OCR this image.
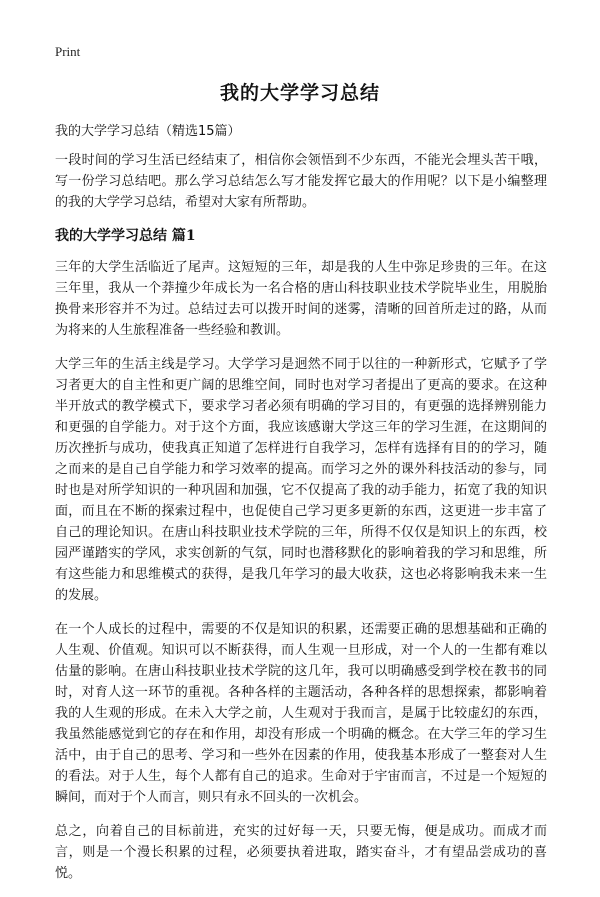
Print
我的大学学习总结
我的大学学习总结（精选15篇）

一段时间的学习生活已经结束了，相信你会领悟到不少东西，不能光会埋头苦干哦，写一份学习总结吧。那么学习总结怎么写才能发挥它最大的作用呢？以下是小编整理的我的大学学习总结，希望对大家有所帮助。

我的大学学习总结 篇1

三年的大学生活临近了尾声。这短短的三年，却是我的人生中弥足珍贵的三年。在这三年里，我从一个莽撞少年成长为一名合格的唐山科技职业技术学院毕业生，用脱胎换骨来形容并不为过。总结过去可以拨开时间的迷雾，清晰的回首所走过的路，从而为将来的人生旅程准备一些经验和教训。

大学三年的生活主线是学习。大学学习是迥然不同于以往的一种新形式，它赋予了学习者更大的自主性和更广阔的思维空间，同时也对学习者提出了更高的要求。在这种半开放式的教学模式下，要求学习者必须有明确的学习目的，有更强的选择辨别能力和更强的自学能力。对于这个方面，我应该感谢大学这三年的学习生涯，在这期间的历次挫折与成功，使我真正知道了怎样进行自我学习，怎样有选择有目的的学习，随之而来的是自己自学能力和学习效率的提高。而学习之外的课外科技活动的参与，同时也是对所学知识的一种巩固和加强，它不仅提高了我的动手能力，拓宽了我的知识面，而且在不断的探索过程中，也促使自己学习更多更新的东西，这更进一步丰富了自己的理论知识。在唐山科技职业技术学院的三年，所得不仅仅是知识上的东西，校园严谨踏实的学风，求实创新的气氛，同时也潜移默化的影响着我的学习和思维，所有这些能力和思维模式的获得，是我几年学习的最大收获，这也必将影响我未来一生的发展。

在一个人成长的过程中，需要的不仅是知识的积累，还需要正确的思想基础和正确的人生观、价值观。知识可以不断获得，而人生观一旦形成，对一个人的一生都有难以估量的影响。在唐山科技职业技术学院的这几年，我可以明确感受到学校在教书的同时，对育人这一环节的重视。各种各样的主题活动，各种各样的思想探索，都影响着我的人生观的形成。在未入大学之前，人生观对于我而言，是属于比较虚幻的东西，我虽然能感觉到它的存在和作用，却没有形成一个明确的概念。在大学三年的学习生活中，由于自己的思考、学习和一些外在因素的作用，使我基本形成了一整套对人生的看法。对于人生，每个人都有自己的追求。生命对于宇宙而言，不过是一个短短的瞬间，而对于个人而言，则只有永不回头的一次机会。

总之，向着自己的目标前进，充实的过好每一天，只要无悔，便是成功。而成才而言，则是一个漫长积累的过程，必须要执着进取，踏实奋斗，才有望品尝成功的喜悦。
